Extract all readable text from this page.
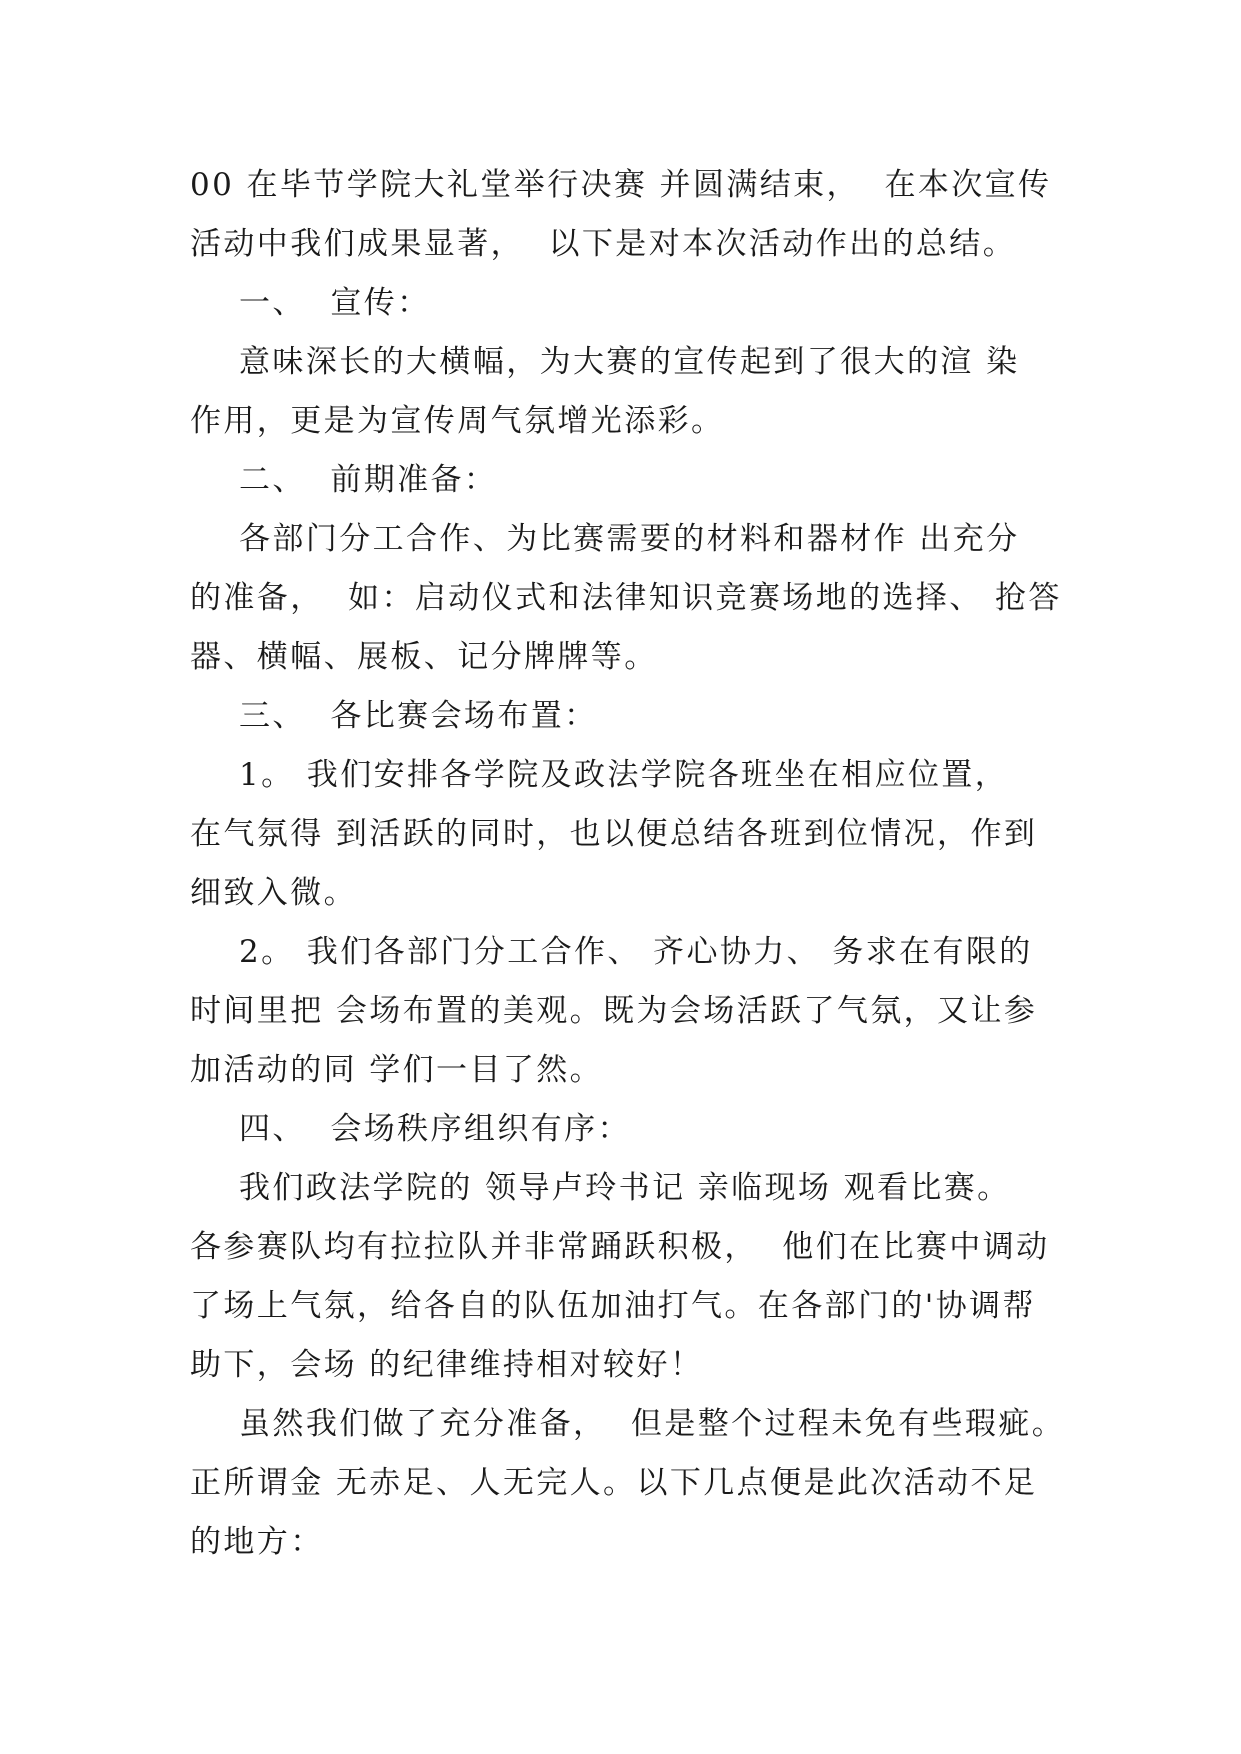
00 在毕节学院大礼堂举行决赛 并圆满结束，  在本次宣传
活动中我们成果显著，  以下是对本次活动作出的总结。
一、  宣传：
意味深长的大横幅，为大赛的宣传起到了很大的渲 染
作用，更是为宣传周气氛增光添彩。
二、  前期准备：
各部门分工合作、为比赛需要的材料和器材作 出充分
的准备，  如：启动仪式和法律知识竞赛场地的选择、 抢答
器、横幅、展板、记分牌牌等。
三、  各比赛会场布置：
1。 我们安排各学院及政法学院各班坐在相应位置，
在气氛得 到活跃的同时，也以便总结各班到位情况，作到
细致入微。
2。 我们各部门分工合作、 齐心协力、 务求在有限的
时间里把 会场布置的美观。既为会场活跃了气氛，又让参
加活动的同 学们一目了然。
四、  会场秩序组织有序：
我们政法学院的 领导卢玲书记 亲临现场 观看比赛。
各参赛队均有拉拉队并非常踊跃积极，  他们在比赛中调动
了场上气氛，给各自的队伍加油打气。在各部门的'协调帮
助下，会场 的纪律维持相对较好！
虽然我们做了充分准备，  但是整个过程未免有些瑕疵。
正所谓金 无赤足、人无完人。以下几点便是此次活动不足
的地方：
